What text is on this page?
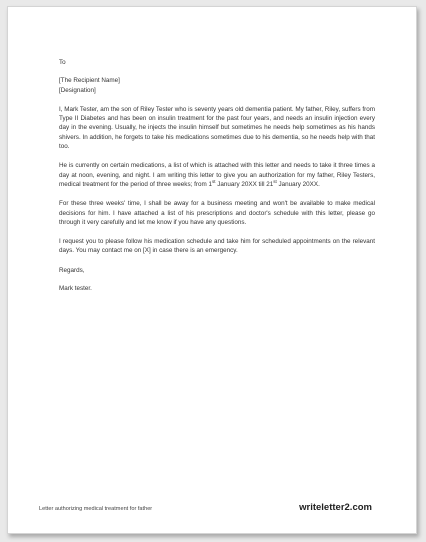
To

[The Recipient Name]

[Designation]

I, Mark Tester, am the son of Riley Tester who is seventy years old dementia patient. My father, Riley, suffers from Type II Diabetes and has been on insulin treatment for the past four years, and needs an insulin injection every day in the evening. Usually, he injects the insulin himself but sometimes he needs help sometimes as his hands shivers. In addition, he forgets to take his medications sometimes due to his dementia, so he needs help with that too.

He is currently on certain medications, a list of which is attached with this letter and needs to take it three times a day at noon, evening, and night. I am writing this letter to give you an authorization for my father, Riley Testers, medical treatment for the period of three weeks; from 1st January 20XX till 21st January 20XX.

For these three weeks' time, I shall be away for a business meeting and won't be available to make medical decisions for him. I have attached a list of his prescriptions and doctor's schedule with this letter, please go through it very carefully and let me know if you have any questions.

I request you to please follow his medication schedule and take him for scheduled appointments on the relevant days. You may contact me on [X] in case there is an emergency.

Regards,

Mark tester.

Letter authorizing medical treatment for father	writeletter2.com
